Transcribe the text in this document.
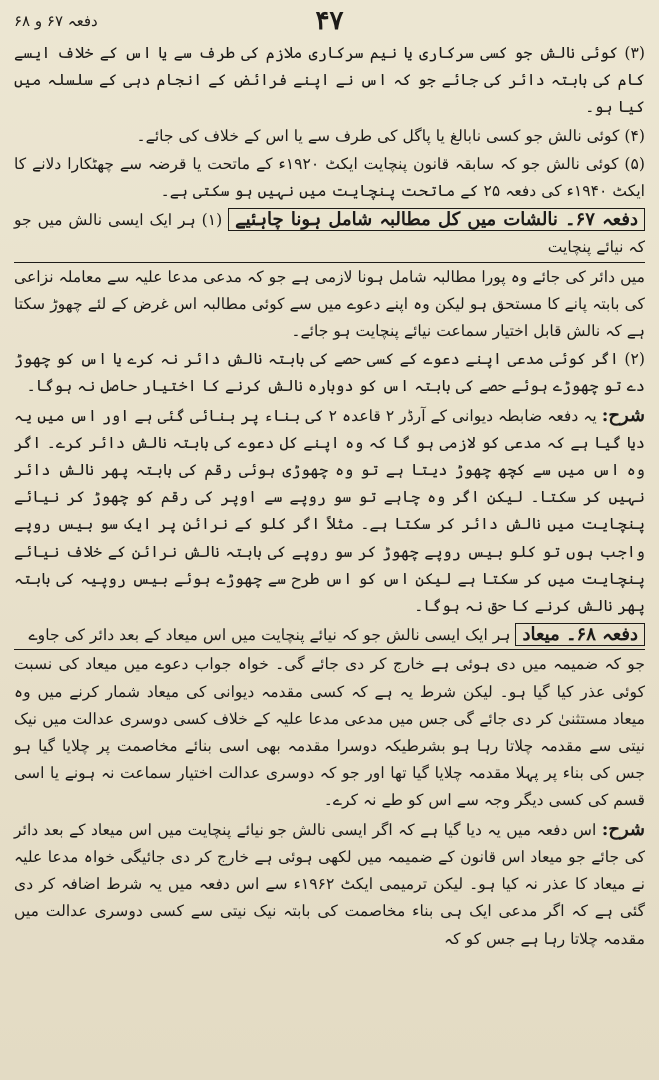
دفعہ ۶۷ و ۶۸	۴۷

(۳) کوئی نالش جو کسی سرکاری یا نیم سرکاری ملازم کی طرف سے یا اس کے خلاف ایسے کام کی بابتہ دائر کی جائے جو کہ اس نے اپنے فرائض کے انجام دہی کے سلسلہ میں کیا ہو۔

(۴) کوئی نالش جو کسی نابالغ یا پاگل کی طرف سے یا اس کے خلاف کی جائے۔

(۵) کوئی نالش جو کہ سابقہ قانون پنچایت ایکٹ ۱۹۲۰ء کے ماتحت یا قرضہ سے چھٹکارا دلانے کا ایکٹ ۱۹۴۰ء کی دفعہ ۲۵ کے ماتحت پنچایت میں نہیں ہو سکتی ہے۔

دفعہ ۶۷۔ نالشات میں کل مطالبہ شامل ہونا چاہئیے (۱) ہر ایک ایسی نالش میں جو کہ نیائے پنچایت

میں دائر کی جائے وہ پورا مطالبہ شامل ہونا لازمی ہے جو کہ مدعی مدعا علیہ سے معاملہ نزاعی کی بابتہ پانے کا مستحق ہو لیکن وہ اپنے دعوے میں سے کوئی مطالبہ اس غرض کے لئے چھوڑ سکتا ہے کہ نالش قابل اختیار سماعت نیائے پنچایت ہو جائے۔

(۲) اگر کوئی مدعی اپنے دعوے کے کسی حصے کی بابتہ نالش دائر نہ کرے یا اس کو چھوڑ دے تو چھوڑے ہوئے حصے کی بابتہ اس کو دوبارہ نالش کرنے کا اختیار حاصل نہ ہوگا۔

شرح: یہ دفعہ ضابطہ دیوانی کے آرڈر ۲ قاعدہ ۲ کی بناء پر بنائی گئی ہے اور اس میں یہ دیا گیا ہے کہ مدعی کو لازمی ہو گا کہ وہ اپنے کل دعوے کی بابتہ نالش دائر کرے۔ اگر وہ اس میں سے کچھ چھوڑ دیتا ہے تو وہ چھوڑی ہوئی رقم کی بابتہ پھر نالش دائر نہیں کر سکتا۔ لیکن اگر وہ چاہے تو سو روپے سے اوپر کی رقم کو چھوڑ کر نیائے پنچایت میں نالش دائر کر سکتا ہے۔ مثلاً اگر کلو کے نرائن پر ایک سو بیس روپے واجب ہوں تو کلو بیس روپے چھوڑ کر سو روپے کی بابتہ نالش نرائن کے خلاف نیائے پنچایت میں کر سکتا ہے لیکن اس کو اس طرح سے چھوڑے ہوئے بیس روپیہ کی بابتہ پھر نالش کرنے کا حق نہ ہوگا۔

دفعہ ۶۸۔ میعاد ہر ایک ایسی نالش جو کہ نیائے پنچایت میں اس میعاد کے بعد دائر کی جاوے

جو کہ ضمیمہ میں دی ہوئی ہے خارج کر دی جائے گی۔ خواہ جواب دعوے میں میعاد کی نسبت کوئی عذر کیا گیا ہو۔ لیکن شرط یہ ہے کہ کسی مقدمہ دیوانی کی میعاد شمار کرنے میں وہ میعاد مستثنیٰ کر دی جائے گی جس میں مدعی مدعا علیہ کے خلاف کسی دوسری عدالت میں نیک نیتی سے مقدمہ چلاتا رہا ہو بشرطیکہ دوسرا مقدمہ بھی اسی بنائے مخاصمت پر چلایا گیا ہو جس کی بناء پر پہلا مقدمہ چلایا گیا تھا اور جو کہ دوسری عدالت اختیار سماعت نہ ہونے یا اسی قسم کی کسی دیگر وجہ سے اس کو طے نہ کرے۔

شرح: اس دفعہ میں یہ دیا گیا ہے کہ اگر ایسی نالش جو نیائے پنچایت میں اس میعاد کے بعد دائر کی جائے جو میعاد اس قانون کے ضمیمہ میں لکھی ہوئی ہے خارج کر دی جائیگی خواہ مدعا علیہ نے میعاد کا عذر نہ کیا ہو۔ لیکن ترمیمی ایکٹ ۱۹۶۲ء سے اس دفعہ میں یہ شرط اضافہ کر دی گئی ہے کہ اگر مدعی ایک ہی بناء مخاصمت کی بابتہ نیک نیتی سے کسی دوسری عدالت میں مقدمہ چلاتا رہا ہے جس کو کہ
